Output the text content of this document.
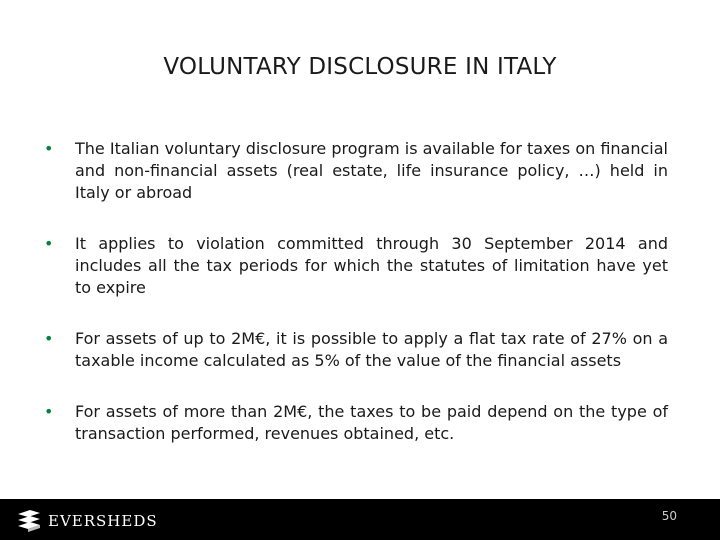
VOLUNTARY DISCLOSURE IN ITALY
• The Italian voluntary disclosure program is available for taxes on financial and non-financial assets (real estate, life insurance policy, …) held in Italy or abroad
• It applies to violation committed through 30 September 2014 and includes all the tax periods for which the statutes of limitation have yet to expire
• For assets of up to 2M€, it is possible to apply a flat tax rate of 27% on a taxable income calculated as 5% of the value of the financial assets
• For assets of more than 2M€, the taxes to be paid depend on the type of transaction performed, revenues obtained, etc.
EVERSHEDS	50
